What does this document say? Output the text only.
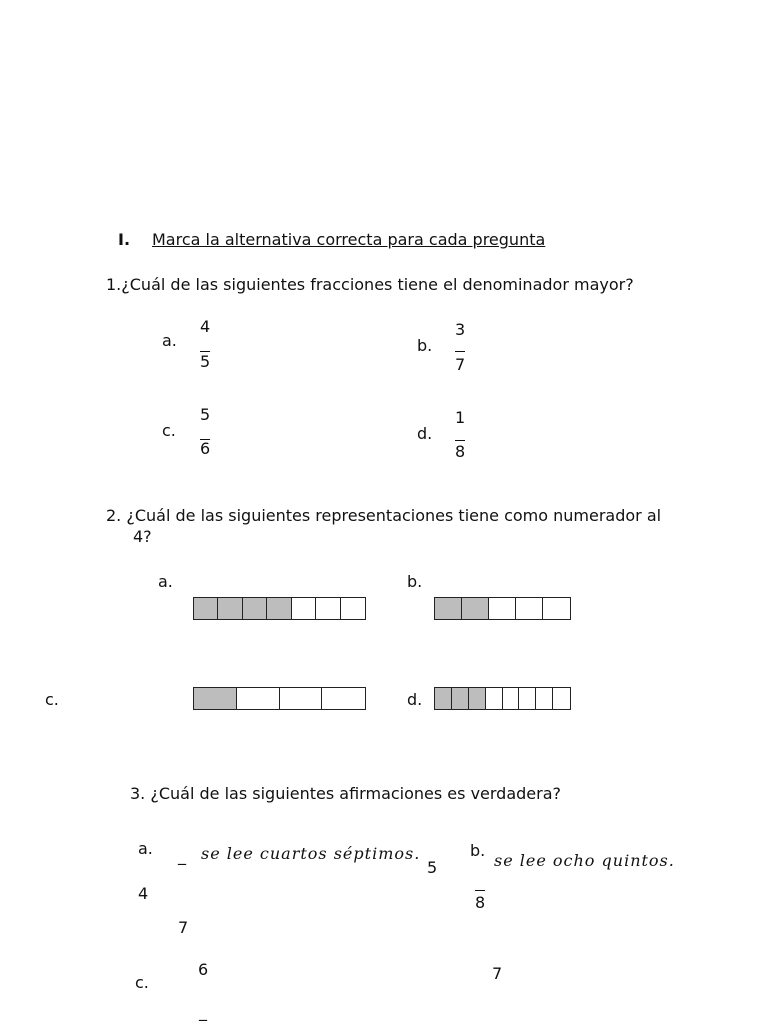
I. Marca la alternativa correcta para cada pregunta
1.¿Cuál de las siguientes fracciones tiene el denominador mayor?
a.
4
5
b.
3
7
c.
5
6
d.
1
8
2. ¿Cuál de las siguientes representaciones tiene como numerador al
4?
a.	b.
c.	d.
3. ¿Cuál de las siguientes afirmaciones es verdadera?
a. _ se lee cuartos séptimos.
4
7
b.
se lee ocho quintos.
5
8
c.
6
_
7
